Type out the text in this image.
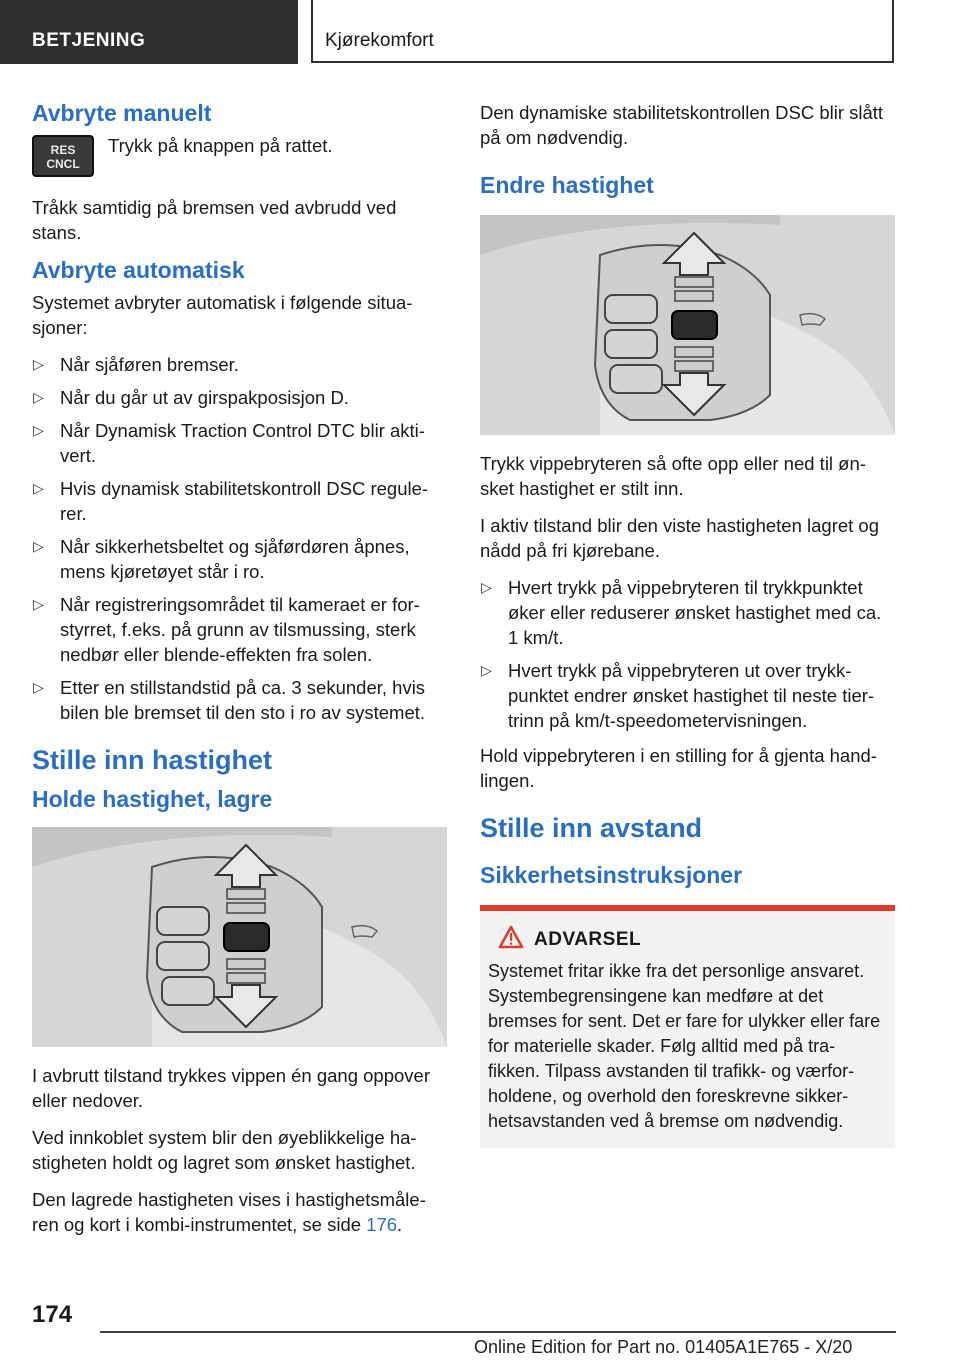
BETJENING	Kjørekomfort
Avbryte manuelt
RES
CNCL
Trykk på knappen på rattet.

Tråkk samtidig på bremsen ved avbrudd ved stans.

Avbryte automatisk

Systemet avbryter automatisk i følgende situa-sjoner:

▷ Når sjåføren bremser.
▷ Når du går ut av girspakposisjon D.
▷ Når Dynamisk Traction Control DTC blir akti-vert.
▷ Hvis dynamisk stabilitetskontroll DSC regule-rer.
▷ Når sikkerhetsbeltet og sjåførdøren åpnes, mens kjøretøyet står i ro.
▷ Når registreringsområdet til kameraet er for-styrret, f.eks. på grunn av tilsmussing, sterk nedbør eller blende-effekten fra solen.
▷ Etter en stillstandstid på ca. 3 sekunder, hvis bilen ble bremset til den sto i ro av systemet.
Stille inn hastighet
Holde hastighet, lagre

I avbrutt tilstand trykkes vippen én gang oppover eller nedover.

Ved innkoblet system blir den øyeblikkelige ha-stigheten holdt og lagret som ønsket hastighet.

Den lagrede hastigheten vises i hastighetsmåle-ren og kort i kombi-instrumentet, se side 176.

Den dynamiske stabilitetskontrollen DSC blir slått på om nødvendig.

Endre hastighet

Trykk vippebryteren så ofte opp eller ned til øn-sket hastighet er stilt inn.

I aktiv tilstand blir den viste hastigheten lagret og nådd på fri kjørebane.

▷ Hvert trykk på vippebryteren til trykkpunktet øker eller reduserer ønsket hastighet med ca. 1 km/t.
▷ Hvert trykk på vippebryteren ut over trykk-punktet endrer ønsket hastighet til neste tier-trinn på km/t-speedometervisningen.

Hold vippebryteren i en stilling for å gjenta hand-lingen.

Stille inn avstand
Sikkerhetsinstruksjoner
ADVARSEL

Systemet fritar ikke fra det personlige ansvaret. Systembegrensingene kan medføre at det bremses for sent. Det er fare for ulykker eller fare for materielle skader. Følg alltid med på tra-fikken. Tilpass avstanden til trafikk- og værfor-holdene, og overhold den foreskrevne sikker-hetsavstanden ved å bremse om nødvendig.

174
Online Edition for Part no. 01405A1E765 - X/20
